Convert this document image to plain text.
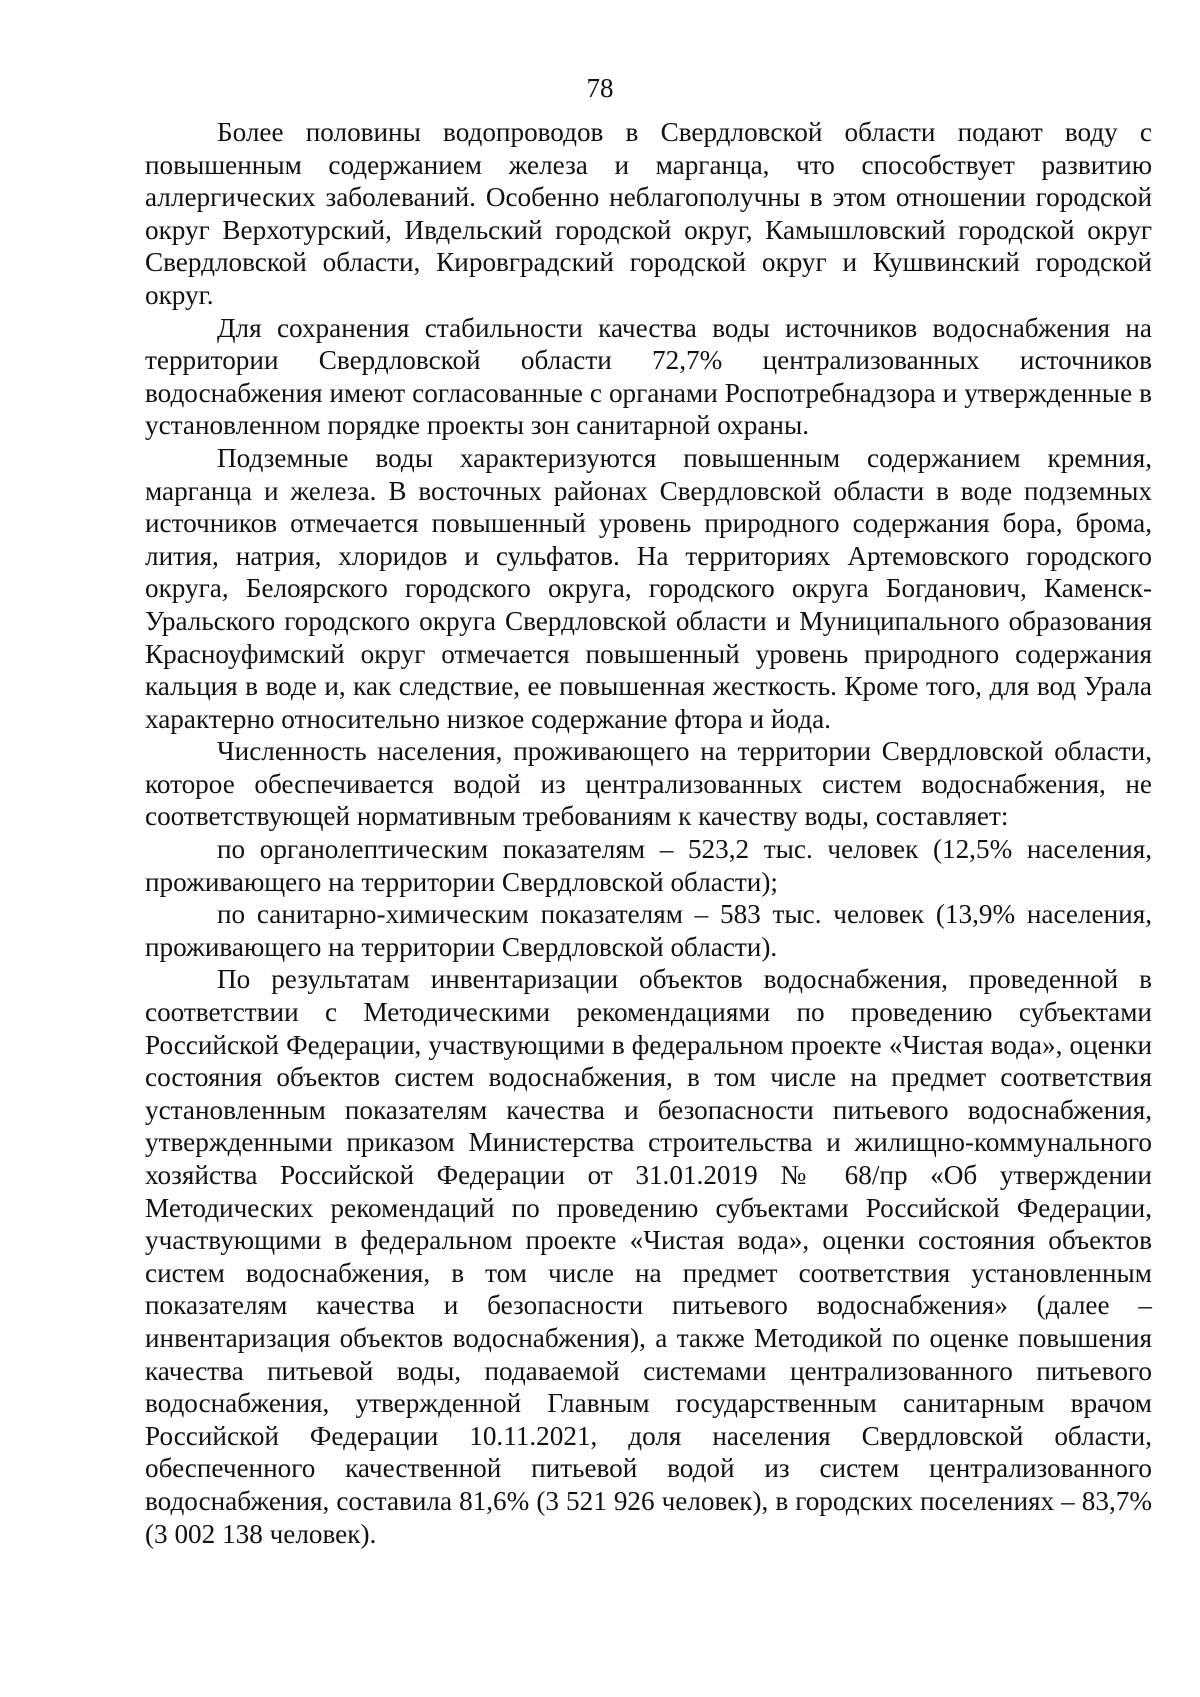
78

Более половины водопроводов в Свердловской области подают воду с повышенным содержанием железа и марганца, что способствует развитию аллергических заболеваний. Особенно неблагополучны в этом отношении городской округ Верхотурский, Ивдельский городской округ, Камышловский городской округ Свердловской области, Кировградский городской округ и Кушвинский городской округ.

Для сохранения стабильности качества воды источников водоснабжения на территории Свердловской области 72,7% централизованных источников водоснабжения имеют согласованные с органами Роспотребнадзора и утвержденные в установленном порядке проекты зон санитарной охраны.

Подземные воды характеризуются повышенным содержанием кремния, марганца и железа. В восточных районах Свердловской области в воде подземных источников отмечается повышенный уровень природного содержания бора, брома, лития, натрия, хлоридов и сульфатов. На территориях Артемовского городского округа, Белоярского городского округа, городского округа Богданович, Каменск-Уральского городского округа Свердловской области и Муниципального образования Красноуфимский округ отмечается повышенный уровень природного содержания кальция в воде и, как следствие, ее повышенная жесткость. Кроме того, для вод Урала характерно относительно низкое содержание фтора и йода.

Численность населения, проживающего на территории Свердловской области, которое обеспечивается водой из централизованных систем водоснабжения, не соответствующей нормативным требованиям к качеству воды, составляет:

по органолептическим показателям – 523,2 тыс. человек (12,5% населения, проживающего на территории Свердловской области);

по санитарно-химическим показателям – 583 тыс. человек (13,9% населения, проживающего на территории Свердловской области).

По результатам инвентаризации объектов водоснабжения, проведенной в соответствии с Методическими рекомендациями по проведению субъектами Российской Федерации, участвующими в федеральном проекте «Чистая вода», оценки состояния объектов систем водоснабжения, в том числе на предмет соответствия установленным показателям качества и безопасности питьевого водоснабжения, утвержденными приказом Министерства строительства и жилищно-коммунального хозяйства Российской Федерации от 31.01.2019 № 68/пр «Об утверждении Методических рекомендаций по проведению субъектами Российской Федерации, участвующими в федеральном проекте «Чистая вода», оценки состояния объектов систем водоснабжения, в том числе на предмет соответствия установленным показателям качества и безопасности питьевого водоснабжения» (далее – инвентаризация объектов водоснабжения), а также Методикой по оценке повышения качества питьевой воды, подаваемой системами централизованного питьевого водоснабжения, утвержденной Главным государственным санитарным врачом Российской Федерации 10.11.2021, доля населения Свердловской области, обеспеченного качественной питьевой водой из систем централизованного водоснабжения, составила 81,6% (3 521 926 человек), в городских поселениях – 83,7% (3 002 138 человек).
